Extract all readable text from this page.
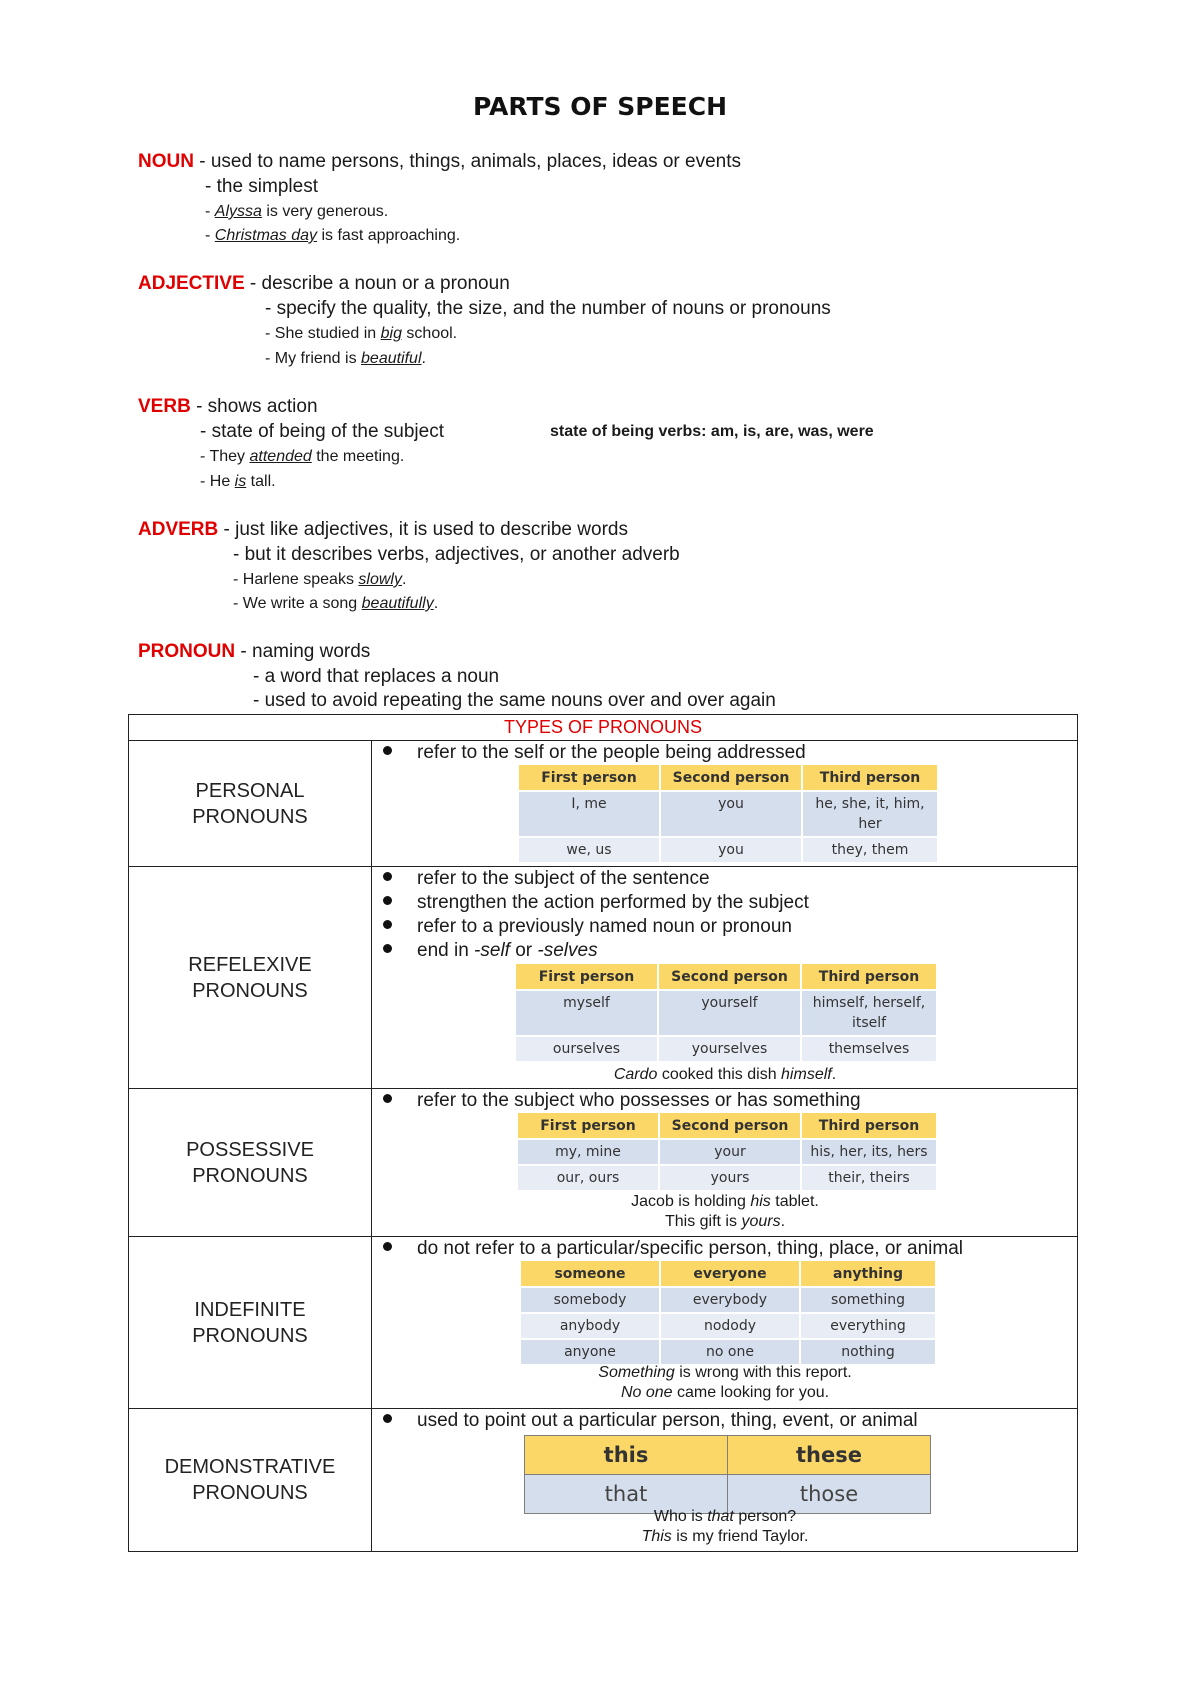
PARTS OF SPEECH
NOUN - used to name persons, things, animals, places, ideas or events
- the simplest
- Alyssa is very generous.
- Christmas day is fast approaching.
ADJECTIVE - describe a noun or a pronoun
- specify the quality, the size, and the number of nouns or pronouns
- She studied in big school.
- My friend is beautiful.
VERB - shows action
- state of being of the subject	state of being verbs: am, is, are, was, were
- They attended the meeting.
- He is tall.
ADVERB - just like adjectives, it is used to describe words
- but it describes verbs, adjectives, or another adverb
- Harlene speaks slowly.
- We write a song beautifully.
PRONOUN - naming words
- a word that replaces a noun
- used to avoid repeating the same nouns over and over again
TYPES OF PRONOUNS
PERSONAL
PRONOUNS
refer to the self or the people being addressed
First person	Second person	Third person
I, me	you	he, she, it, him, her
we, us	you	they, them
REFELEXIVE
PRONOUNS
refer to the subject of the sentence
strengthen the action performed by the subject
refer to a previously named noun or pronoun
end in -self or -selves
First person	Second person	Third person
myself	yourself	himself, herself, itself
ourselves	yourselves	themselves
Cardo cooked this dish himself.
POSSESSIVE
PRONOUNS
refer to the subject who possesses or has something
First person	Second person	Third person
my, mine	your	his, her, its, hers
our, ours	yours	their, theirs
Jacob is holding his tablet.
This gift is yours.
INDEFINITE
PRONOUNS
do not refer to a particular/specific person, thing, place, or animal
someone	everyone	anything
somebody	everybody	something
anybody	nodody	everything
anyone	no one	nothing
Something is wrong with this report.
No one came looking for you.
DEMONSTRATIVE
PRONOUNS
used to point out a particular person, thing, event, or animal
this	these
that	those
Who is that person?
This is my friend Taylor.
